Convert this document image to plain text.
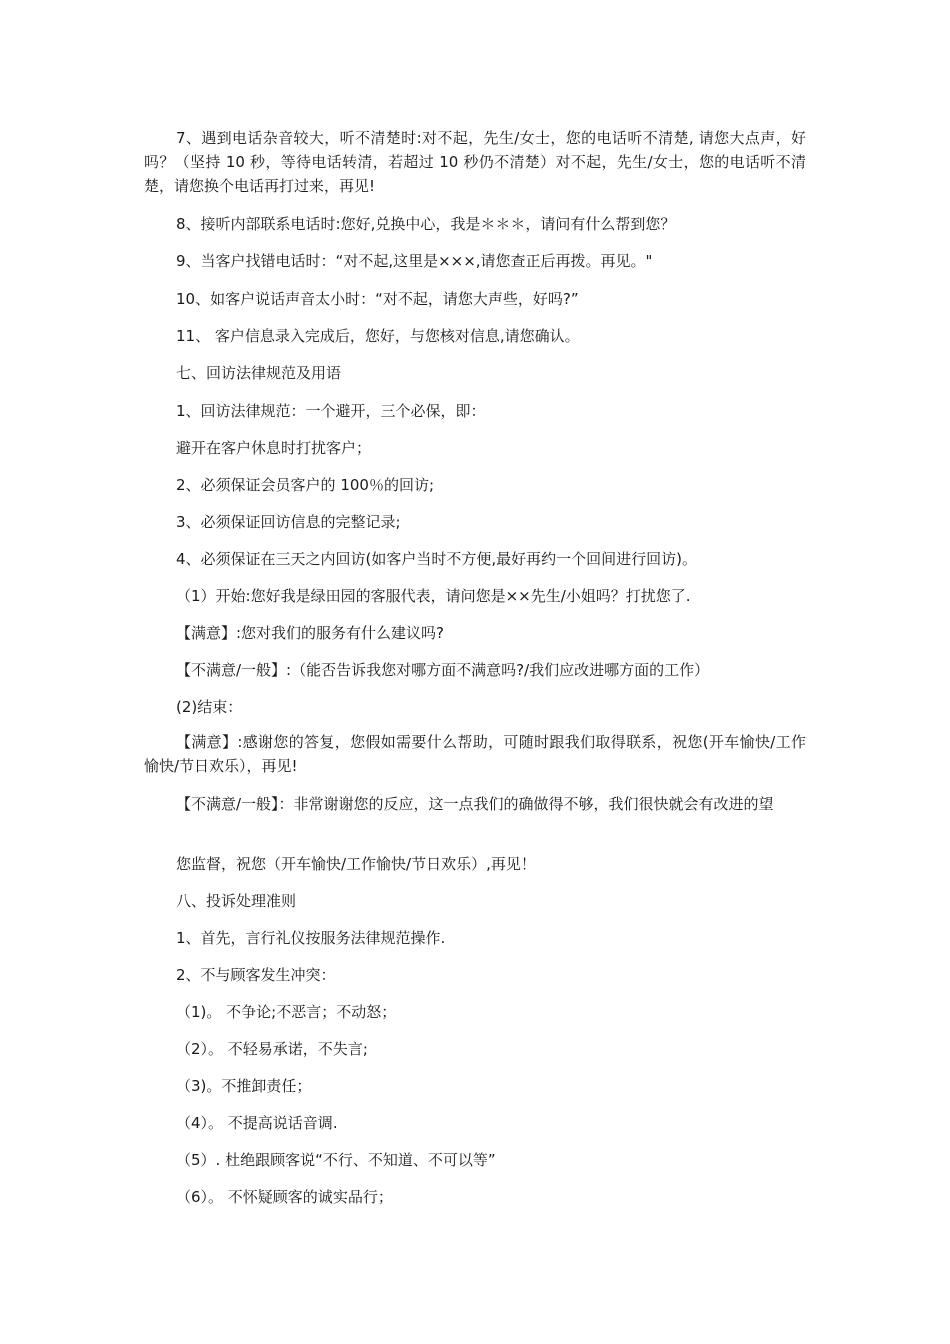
7、遇到电话杂音较大，听不清楚时:对不起，先生/女士，您的电话听不清楚, 请您大点声，好吗？（坚持 10 秒，等待电话转清，若超过 10 秒仍不清楚）对不起，先生/女士，您的电话听不清楚，请您换个电话再打过来，再见!

8、接听内部联系电话时:您好,兑换中心，我是＊＊＊，请问有什么帮到您？

9、当客户找错电话时：“对不起,这里是×××,请您查正后再拨。再见。"

10、如客户说话声音太小时：“对不起，请您大声些，好吗?”

11、 客户信息录入完成后，您好，与您核对信息,请您确认。

七、回访法律规范及用语

1、回访法律规范：一个避开，三个必保，即：

避开在客户休息时打扰客户；

2、必须保证会员客户的 100％的回访;

3、必须保证回访信息的完整记录;

4、必须保证在三天之内回访(如客户当时不方便,最好再约一个回间进行回访)。

（1）开始:您好我是绿田园的客服代表，请问您是××先生/小姐吗？打扰您了.

【满意】:您对我们的服务有什么建议吗?

【不满意/一般】:（能否告诉我您对哪方面不满意吗?/我们应改进哪方面的工作）

(2)结束：

【满意】:感谢您的答复，您假如需要什么帮助，可随时跟我们取得联系，祝您(开车愉快/工作愉快/节日欢乐），再见!

【不满意/一般】：非常谢谢您的反应，这一点我们的确做得不够，我们很快就会有改进的望

您监督，祝您（开车愉快/工作愉快/节日欢乐）,再见！

八、投诉处理准则

1、首先，言行礼仪按服务法律规范操作.

2、不与顾客发生冲突：

（1)。 不争论;不恶言；不动怒；

（2）。 不轻易承诺，不失言;

（3)。不推卸责任；

（4）。 不提高说话音调.

（5）. 杜绝跟顾客说“不行、不知道、不可以等”

（6）。 不怀疑顾客的诚实品行；
